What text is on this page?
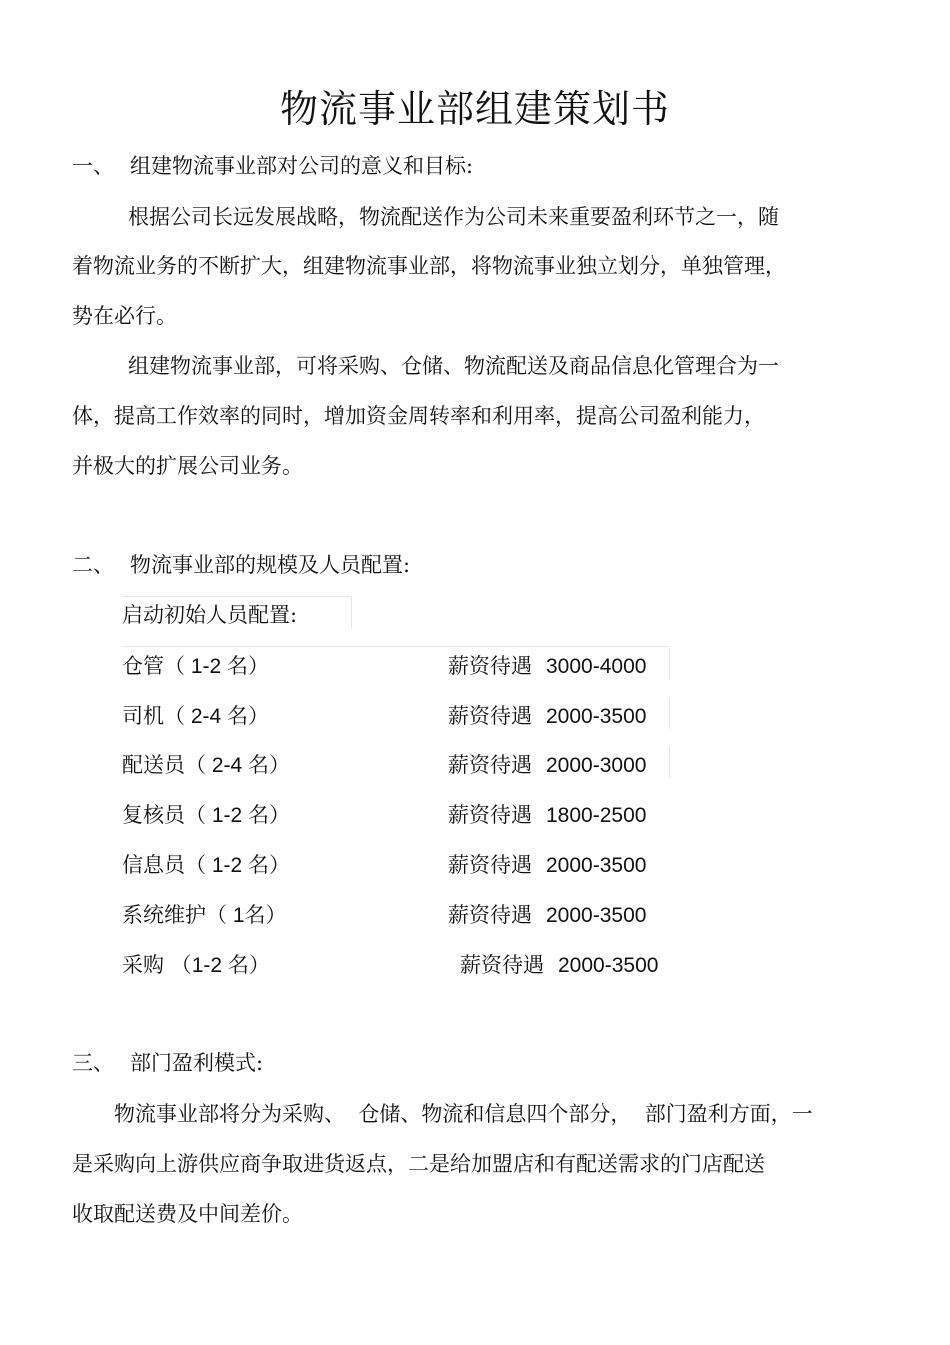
物流事业部组建策划书
一、 组建物流事业部对公司的意义和目标:
根据公司长远发展战略，物流配送作为公司未来重要盈利环节之一，随
着物流业务的不断扩大，组建物流事业部，将物流事业独立划分，单独管理，
势在必行。
组建物流事业部，可将采购、仓储、物流配送及商品信息化管理合为一
体，提高工作效率的同时，增加资金周转率和利用率，提高公司盈利能力，
并极大的扩展公司业务。
二、 物流事业部的规模及人员配置:
启动初始人员配置:
仓管（ 1-2 名）	薪资待遇 3000-4000
司机（ 2-4 名）	薪资待遇 2000-3500
配送员（ 2-4 名）	薪资待遇 2000-3000
复核员（ 1-2 名）	薪资待遇 1800-2500
信息员（ 1-2 名）	薪资待遇 2000-3500
系统维护（ 1名）	薪资待遇 2000-3500
采购 （1-2 名）	薪资待遇 2000-3500
三、 部门盈利模式:
物流事业部将分为采购、  仓储、物流和信息四个部分，  部门盈利方面，一
是采购向上游供应商争取进货返点，二是给加盟店和有配送需求的门店配送
收取配送费及中间差价。
